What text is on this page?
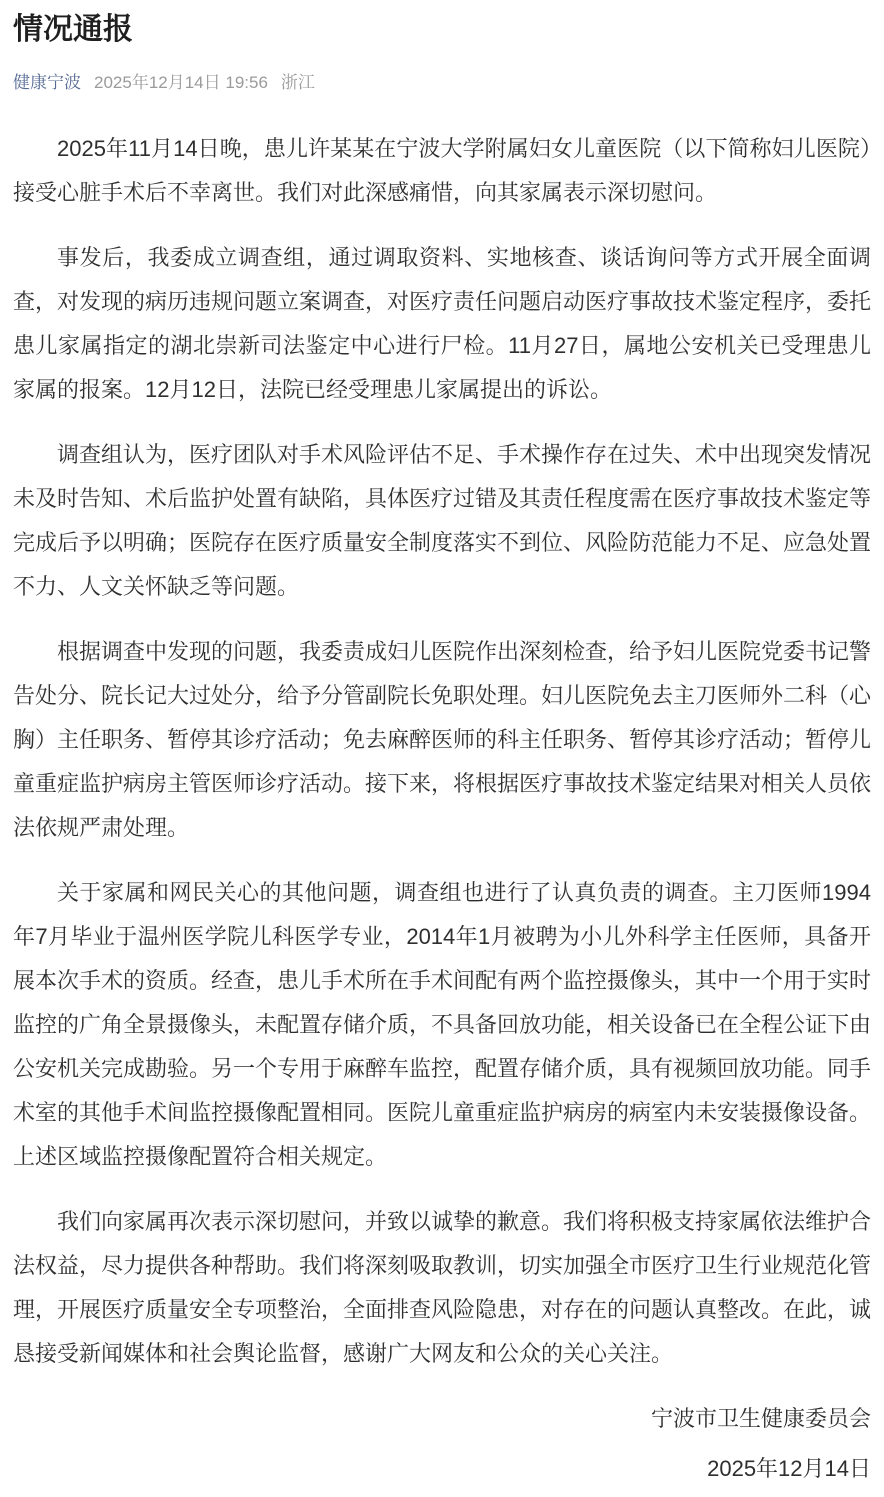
情况通报
健康宁波 2025年12月14日 19:56 浙江

2025年11月14日晚，患儿许某某在宁波大学附属妇女儿童医院（以下简称妇儿医院）接受心脏手术后不幸离世。我们对此深感痛惜，向其家属表示深切慰问。

事发后，我委成立调查组，通过调取资料、实地核查、谈话询问等方式开展全面调查，对发现的病历违规问题立案调查，对医疗责任问题启动医疗事故技术鉴定程序，委托患儿家属指定的湖北崇新司法鉴定中心进行尸检。11月27日，属地公安机关已受理患儿家属的报案。12月12日，法院已经受理患儿家属提出的诉讼。

调查组认为，医疗团队对手术风险评估不足、手术操作存在过失、术中出现突发情况未及时告知、术后监护处置有缺陷，具体医疗过错及其责任程度需在医疗事故技术鉴定等完成后予以明确；医院存在医疗质量安全制度落实不到位、风险防范能力不足、应急处置不力、人文关怀缺乏等问题。

根据调查中发现的问题，我委责成妇儿医院作出深刻检查，给予妇儿医院党委书记警告处分、院长记大过处分，给予分管副院长免职处理。妇儿医院免去主刀医师外二科（心胸）主任职务、暂停其诊疗活动；免去麻醉医师的科主任职务、暂停其诊疗活动；暂停儿童重症监护病房主管医师诊疗活动。接下来，将根据医疗事故技术鉴定结果对相关人员依法依规严肃处理。

关于家属和网民关心的其他问题，调查组也进行了认真负责的调查。主刀医师1994年7月毕业于温州医学院儿科医学专业，2014年1月被聘为小儿外科学主任医师，具备开展本次手术的资质。经查，患儿手术所在手术间配有两个监控摄像头，其中一个用于实时监控的广角全景摄像头，未配置存储介质，不具备回放功能，相关设备已在全程公证下由公安机关完成勘验。另一个专用于麻醉车监控，配置存储介质，具有视频回放功能。同手术室的其他手术间监控摄像配置相同。医院儿童重症监护病房的病室内未安装摄像设备。上述区域监控摄像配置符合相关规定。

我们向家属再次表示深切慰问，并致以诚挚的歉意。我们将积极支持家属依法维护合法权益，尽力提供各种帮助。我们将深刻吸取教训，切实加强全市医疗卫生行业规范化管理，开展医疗质量安全专项整治，全面排查风险隐患，对存在的问题认真整改。在此，诚恳接受新闻媒体和社会舆论监督，感谢广大网友和公众的关心关注。

宁波市卫生健康委员会

2025年12月14日
